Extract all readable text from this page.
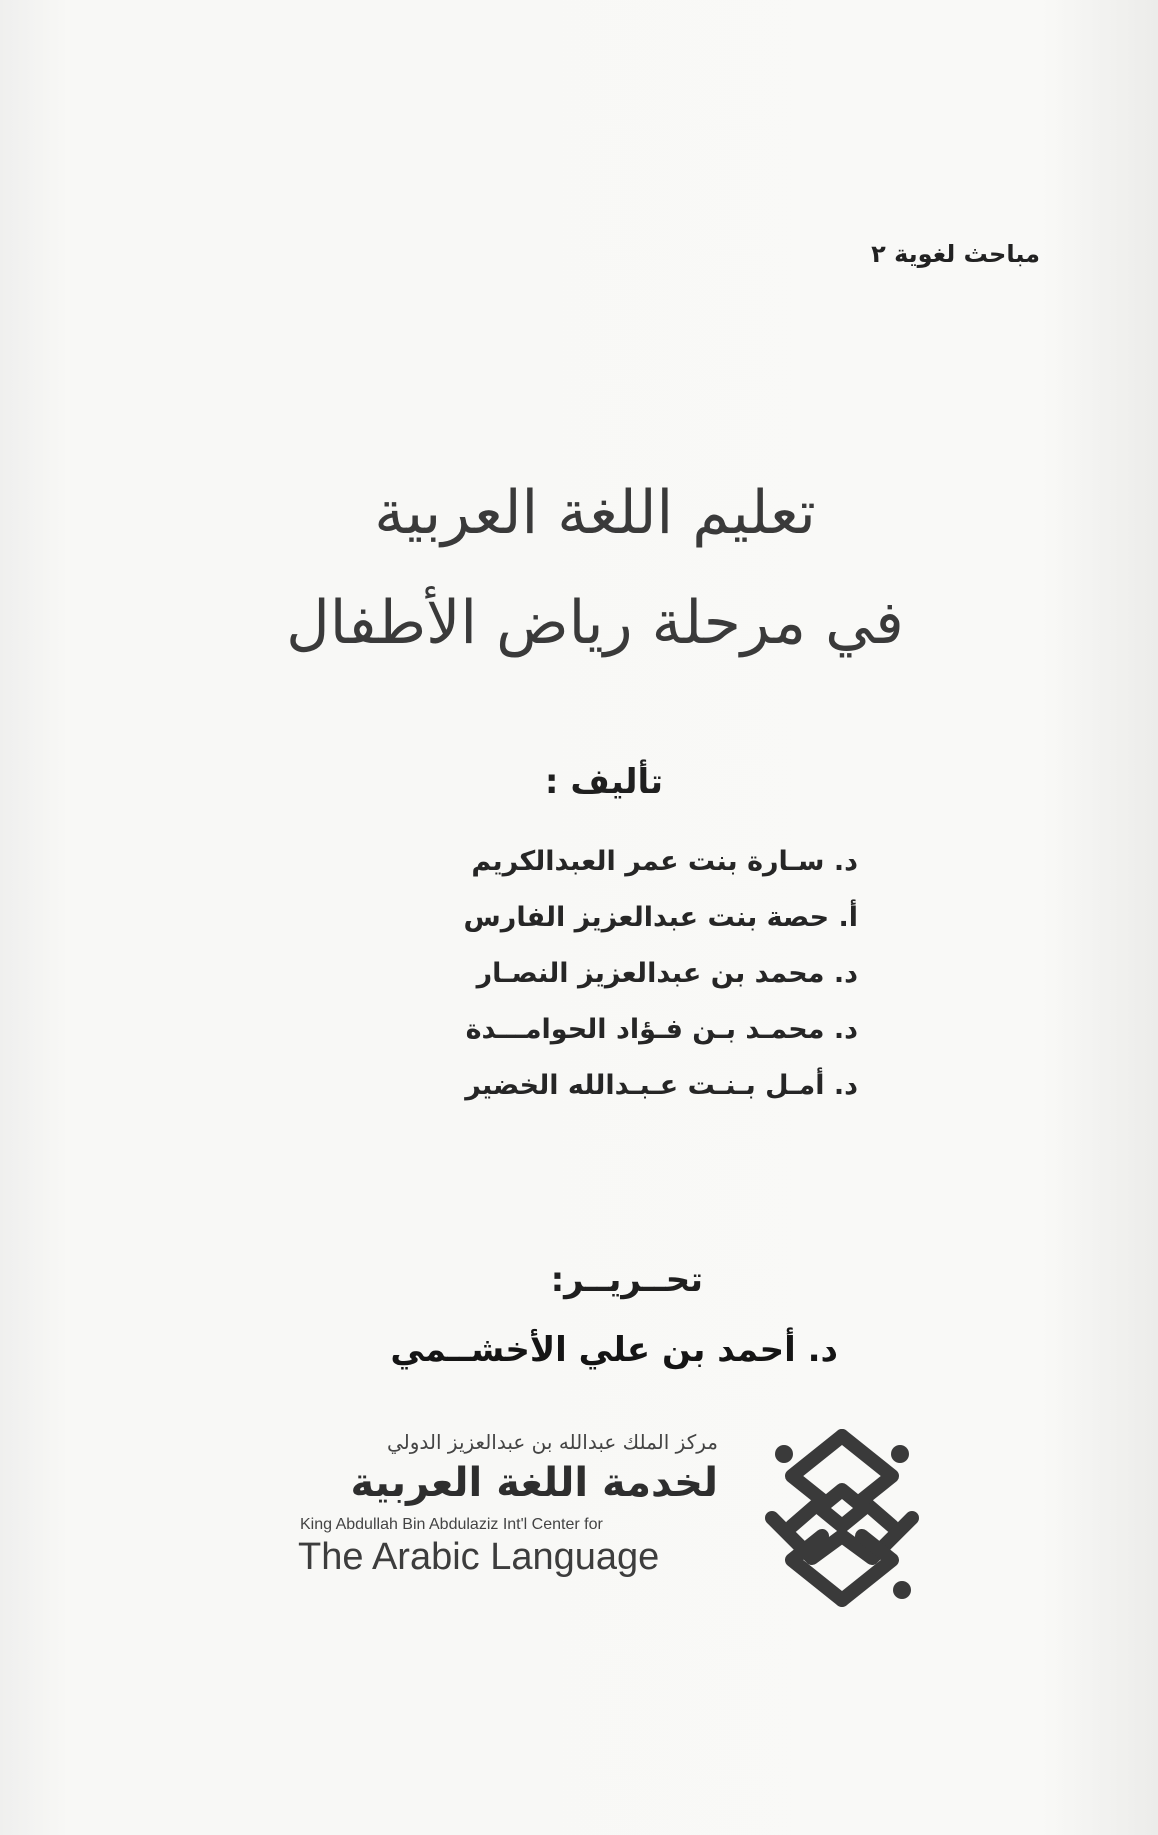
مباحث لغوية ٢
تعليم اللغة العربية
في مرحلة رياض الأطفال
تأليف :
د. سـارة بنت عمر العبدالكريم
أ. حصة بنت عبدالعزيز الفارس
د. محمد بن عبدالعزيز النصـار
د. محمـد بـن فـؤاد الحوامـــدة
د. أمـل بـنـت عـبـدالله الخضير
تحــريــر:
د. أحمد بن علي الأخشــمي
مركز الملك عبدالله بن عبدالعزيز الدولي
لخدمة اللغة العربية
King Abdullah Bin Abdulaziz Int'l Center for
The Arabic Language
